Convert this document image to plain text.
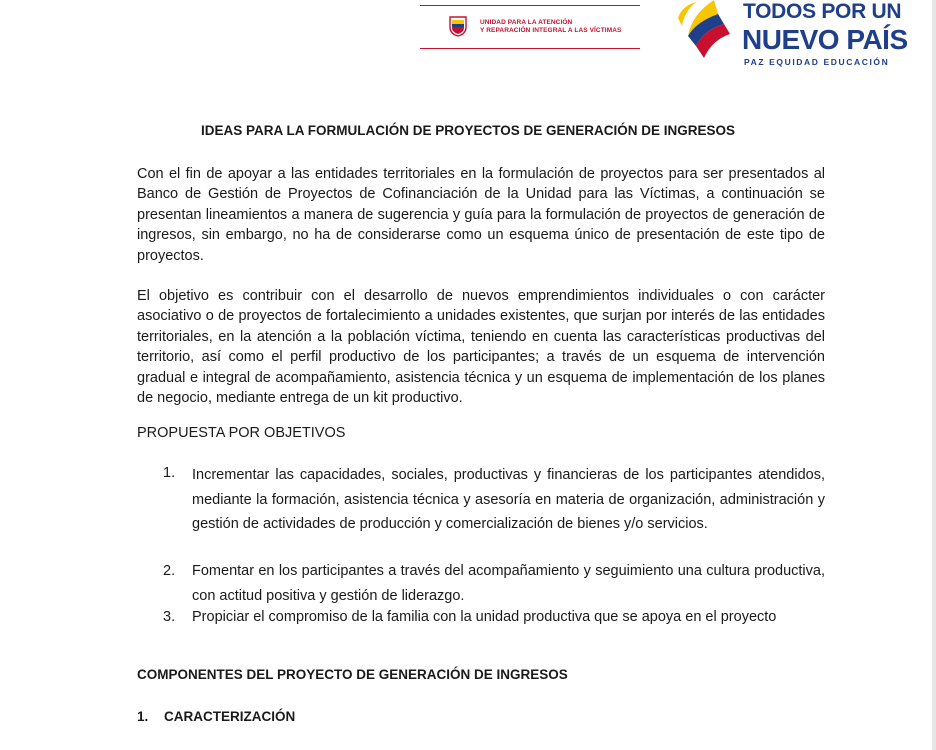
UNIDAD PARA LA ATENCIÓN
Y REPARACIÓN INTEGRAL A LAS VÍCTIMAS
TODOS POR UN
NUEVO PAÍS
PAZ EQUIDAD EDUCACIÓN
IDEAS PARA LA FORMULACIÓN DE PROYECTOS DE GENERACIÓN DE INGRESOS

Con el fin de apoyar a las entidades territoriales en la formulación de proyectos para ser presentados al Banco de Gestión de Proyectos de Cofinanciación de la Unidad para las Víctimas, a continuación se presentan lineamientos a manera de sugerencia y guía para la formulación de proyectos de generación de ingresos, sin embargo, no ha de considerarse como un esquema único de presentación de este tipo de proyectos.

El objetivo es contribuir con el desarrollo de nuevos emprendimientos individuales o con carácter asociativo o de proyectos de fortalecimiento a unidades existentes, que surjan por interés de las entidades territoriales, en la atención a la población víctima, teniendo en cuenta las características productivas del territorio, así como el perfil productivo de los participantes; a través de un esquema de intervención gradual e integral de acompañamiento, asistencia técnica y un esquema de implementación de los planes de negocio, mediante entrega de un kit productivo.

PROPUESTA POR OBJETIVOS

1. Incrementar las capacidades, sociales, productivas y financieras de los participantes atendidos, mediante la formación, asistencia técnica y asesoría en materia de organización, administración y gestión de actividades de producción y comercialización de bienes y/o servicios.

2. Fomentar en los participantes a través del acompañamiento y seguimiento una cultura productiva, con actitud positiva y gestión de liderazgo.

3. Propiciar el compromiso de la familia con la unidad productiva que se apoya en el proyecto

COMPONENTES DEL PROYECTO DE GENERACIÓN DE INGRESOS

1. CARACTERIZACIÓN
